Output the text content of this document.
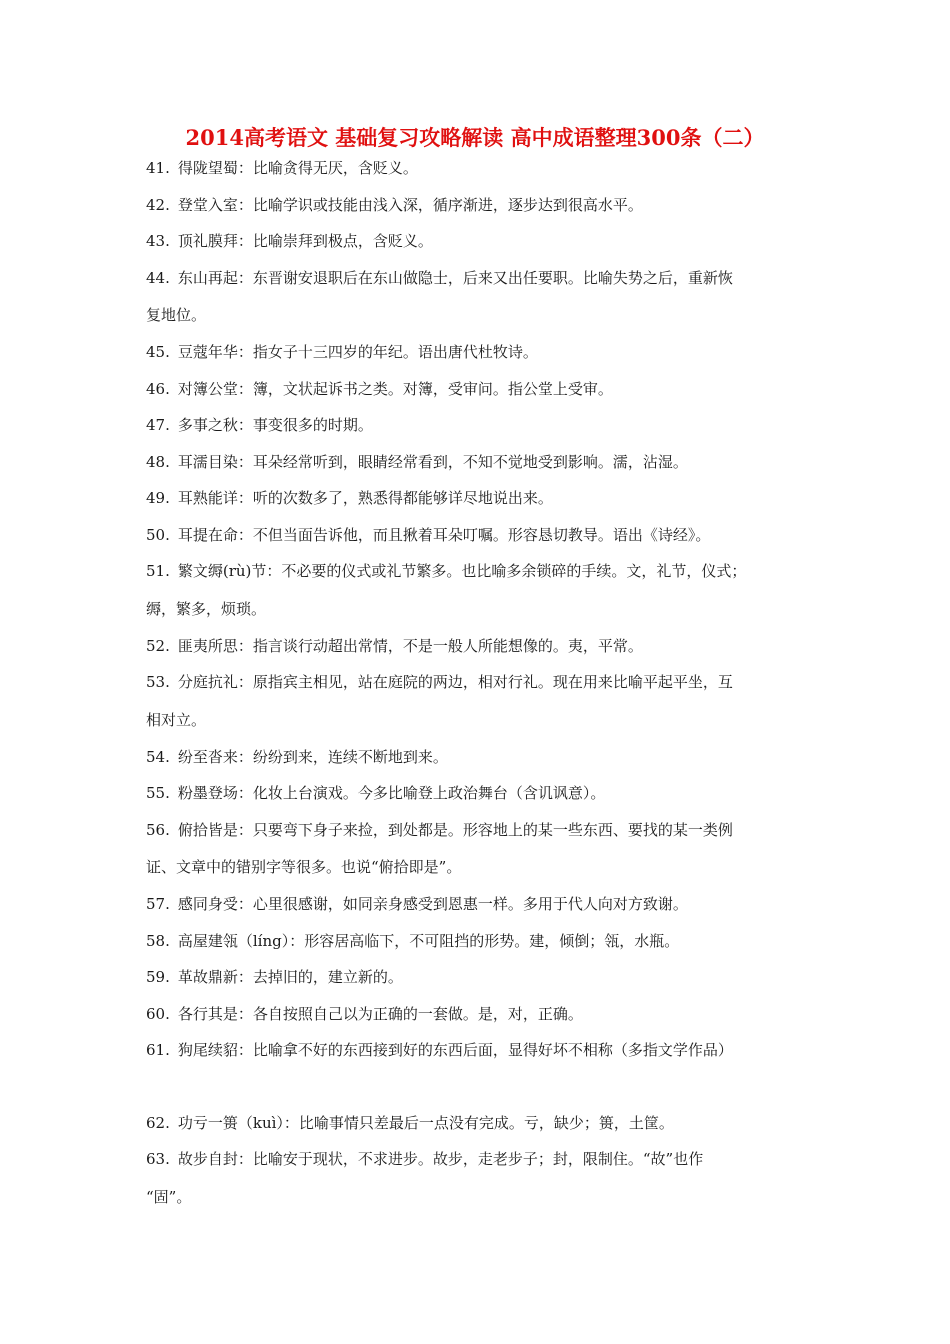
2014高考语文 基础复习攻略解读 高中成语整理300条（二）
41. 得陇望蜀：比喻贪得无厌，含贬义。
42. 登堂入室：比喻学识或技能由浅入深，循序渐进，逐步达到很高水平。
43. 顶礼膜拜：比喻崇拜到极点，含贬义。
44. 东山再起：东晋谢安退职后在东山做隐士，后来又出任要职。比喻失势之后，重新恢
复地位。
45. 豆蔻年华：指女子十三四岁的年纪。语出唐代杜牧诗。
46. 对簿公堂：簿，文状起诉书之类。对簿，受审问。指公堂上受审。
47. 多事之秋：事变很多的时期。
48. 耳濡目染：耳朵经常听到，眼睛经常看到，不知不觉地受到影响。濡，沾湿。
49. 耳熟能详：听的次数多了，熟悉得都能够详尽地说出来。
50. 耳提在命：不但当面告诉他，而且揪着耳朵叮嘱。形容恳切教导。语出《诗经》。
51. 繁文缛(rù)节：不必要的仪式或礼节繁多。也比喻多余锁碎的手续。文，礼节，仪式；
缛，繁多，烦琐。
52. 匪夷所思：指言谈行动超出常情，不是一般人所能想像的。夷，平常。
53. 分庭抗礼：原指宾主相见，站在庭院的两边，相对行礼。现在用来比喻平起平坐，互
相对立。
54. 纷至沓来：纷纷到来，连续不断地到来。
55. 粉墨登场：化妆上台演戏。今多比喻登上政治舞台（含讥讽意）。
56. 俯拾皆是：只要弯下身子来捡，到处都是。形容地上的某一些东西、要找的某一类例
证、文章中的错别字等很多。也说“俯拾即是”。
57. 感同身受：心里很感谢，如同亲身感受到恩惠一样。多用于代人向对方致谢。
58. 高屋建瓴（líng）：形容居高临下，不可阻挡的形势。建，倾倒；瓴，水瓶。
59. 革故鼎新：去掉旧的，建立新的。
60. 各行其是：各自按照自己以为正确的一套做。是，对，正确。
61. 狗尾续貂：比喻拿不好的东西接到好的东西后面，显得好坏不相称（多指文学作品）
62. 功亏一篑（kuì）：比喻事情只差最后一点没有完成。亏，缺少；篑，土筐。
63. 故步自封：比喻安于现状，不求进步。故步，走老步子；封，限制住。“故”也作
“固”。
